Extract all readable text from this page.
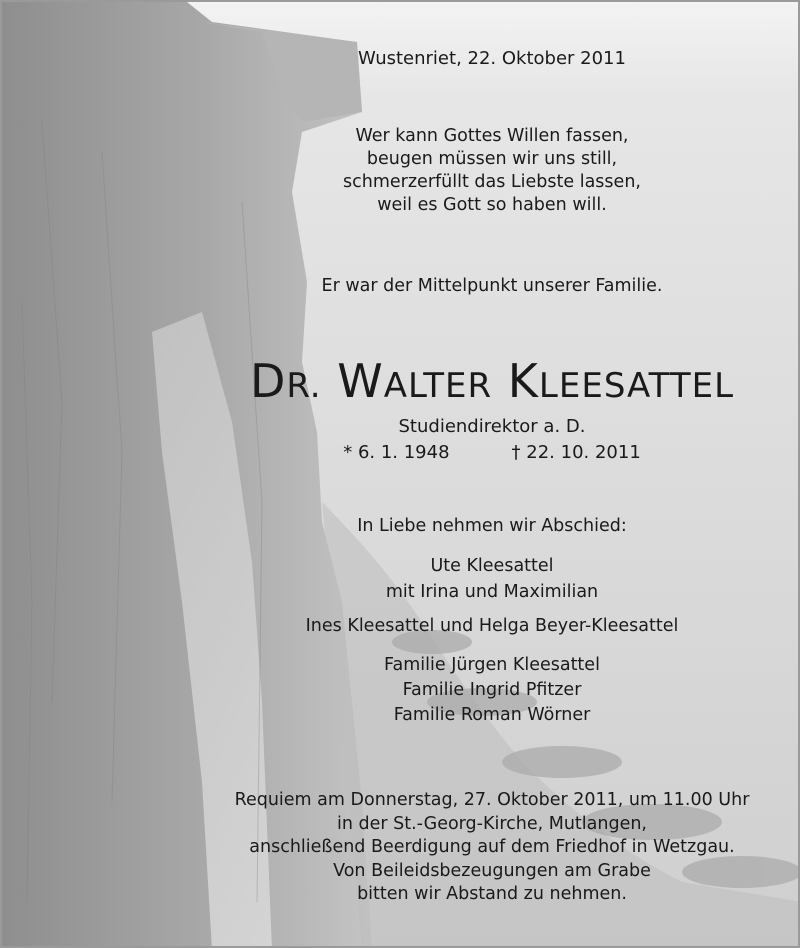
Wustenriet, 22. Oktober 2011
Wer kann Gottes Willen fassen,
beugen müssen wir uns still,
schmerzerfüllt das Liebste lassen,
weil es Gott so haben will.
Er war der Mittelpunkt unserer Familie.
DR. WALTER KLEESATTEL
Studiendirektor a. D.
* 6. 1. 1948	† 22. 10. 2011
In Liebe nehmen wir Abschied:
Ute Kleesattel
mit Irina und Maximilian
Ines Kleesattel und Helga Beyer-Kleesattel
Familie Jürgen Kleesattel
Familie Ingrid Pfitzer
Familie Roman Wörner
Requiem am Donnerstag, 27. Oktober 2011, um 11.00 Uhr
in der St.-Georg-Kirche, Mutlangen,
anschließend Beerdigung auf dem Friedhof in Wetzgau.
Von Beileidsbezeugungen am Grabe
bitten wir Abstand zu nehmen.
